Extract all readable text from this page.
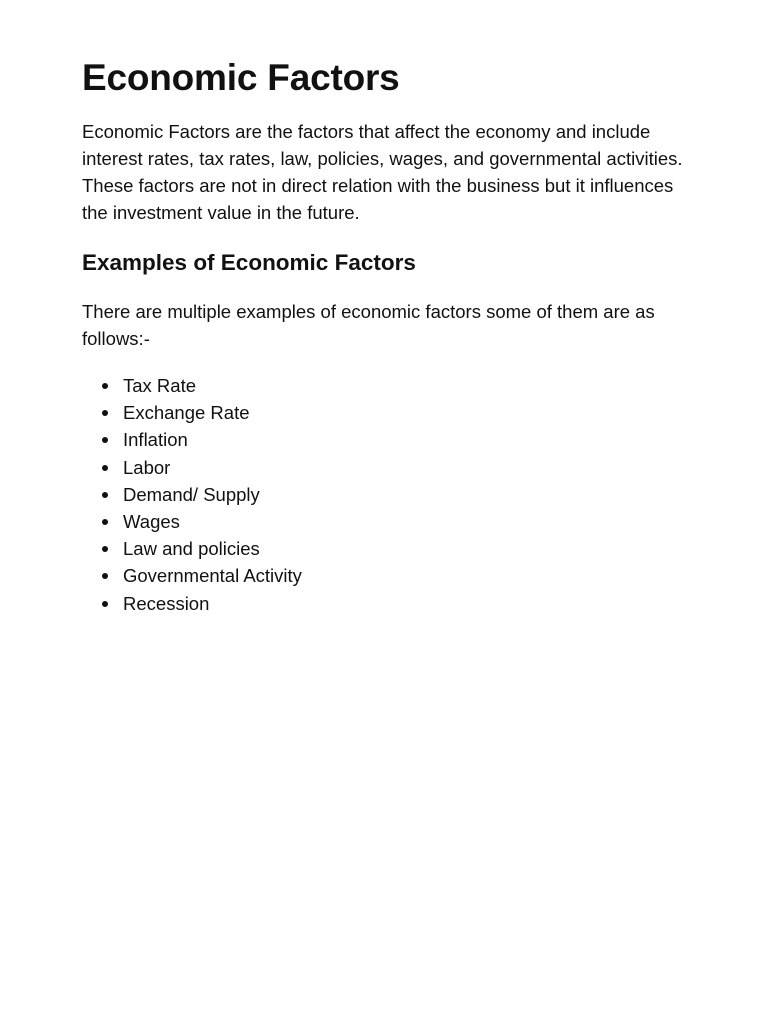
Economic Factors

Economic Factors are the factors that affect the economy and include interest rates, tax rates, law, policies, wages, and governmental activities. These factors are not in direct relation with the business but it influences the investment value in the future.

Examples of Economic Factors

There are multiple examples of economic factors some of them are as follows:-

Tax Rate
Exchange Rate
Inflation
Labor
Demand/ Supply
Wages
Law and policies
Governmental Activity
Recession
